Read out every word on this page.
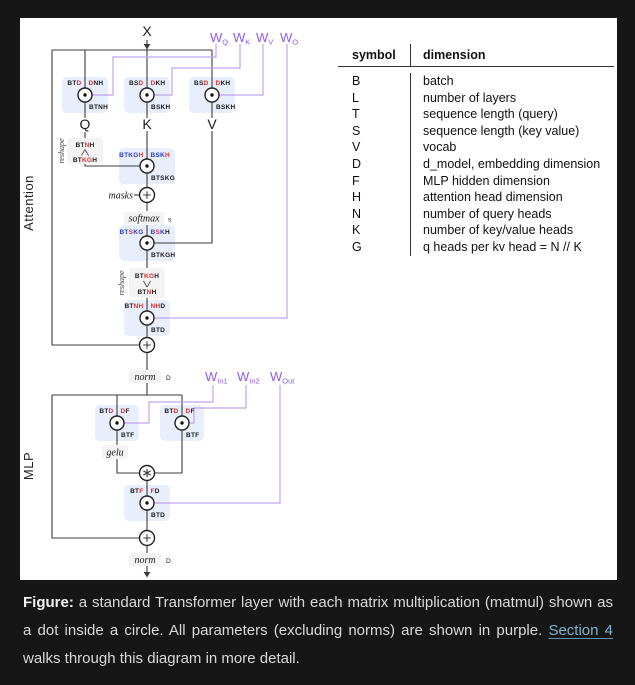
X	WQ WK WV WO
WIn1 WIn2 WOut
Attention
MLP
Q	K	V
BTD DNH
BTNH
BSD DKH
BSKH
BSD DKH
BSKH
BTKGH BSKH
BTSKG
BTSKG BSKH
BTKGH
BTNH NHD
BTD
BTNH
BTKGH
BTKGH
BTNH
BTD DF
BTF
BTD DF
BTF
BTF FD
BTD
masks
softmax s
norm D
gelu
norm D
reshape
reshape
symbol	dimension
B	batch
L	number of layers
T	sequence length (query)
S	sequence length (key value)
V	vocab
D	d_model, embedding dimension
F	MLP hidden dimension
H	attention head dimension
N	number of query heads
K	number of key/value heads
G	q heads per kv head = N // K
Figure: a standard Transformer layer with each matrix multiplication (matmul) shown as a dot inside a circle. All parameters (excluding norms) are shown in purple. Section 4 walks through this diagram in more detail.
